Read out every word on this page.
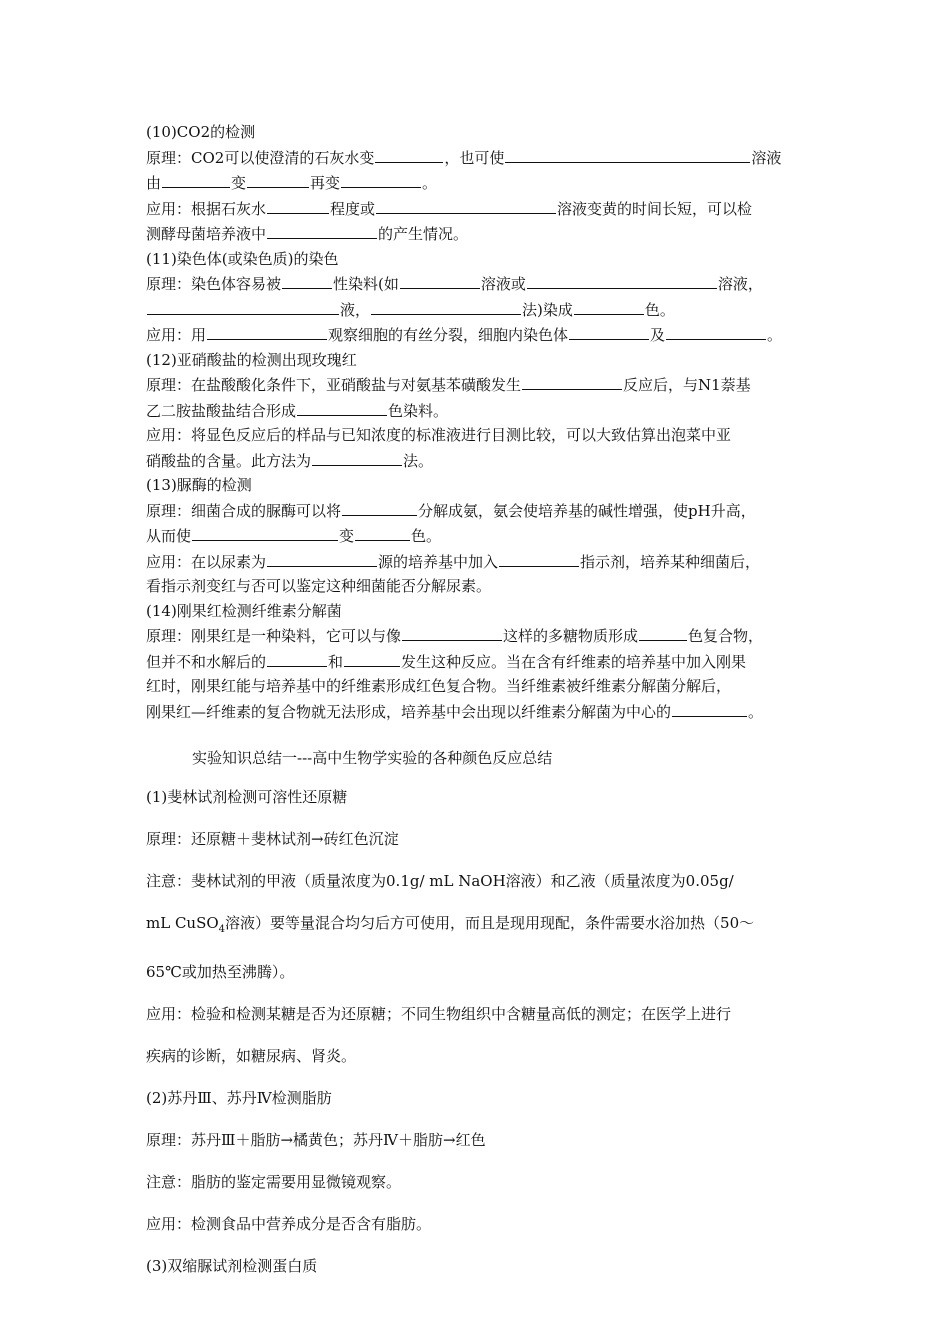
(10)CO2的检测
原理：CO2可以使澄清的石灰水变	，也可使	溶液
由	变	再变	。
应用：根据石灰水	程度或	溶液变黄的时间长短，可以检
测酵母菌培养液中	的产生情况。
(11)染色体(或染色质)的染色
原理：染色体容易被	性染料(如	溶液或	溶液，
液，	法)染成	色。
应用：用	观察细胞的有丝分裂，细胞内染色体	及	。
(12)亚硝酸盐的检测出现玫瑰红
原理：在盐酸酸化条件下，亚硝酸盐与对氨基苯磺酸发生	反应后，与N1萘基
乙二胺盐酸盐结合形成	色染料。
应用：将显色反应后的样品与已知浓度的标准液进行目测比较，可以大致估算出泡菜中亚
硝酸盐的含量。此方法为	法。
(13)脲酶的检测
原理：细菌合成的脲酶可以将	分解成氨，氨会使培养基的碱性增强，使pH升高，
从而使	变	色。
应用：在以尿素为	源的培养基中加入	指示剂，培养某种细菌后，
看指示剂变红与否可以鉴定这种细菌能否分解尿素。
(14)刚果红检测纤维素分解菌
原理：刚果红是一种染料，它可以与像	这样的多糖物质形成	色复合物，
但并不和水解后的	和	发生这种反应。当在含有纤维素的培养基中加入刚果
红时，刚果红能与培养基中的纤维素形成红色复合物。当纤维素被纤维素分解菌分解后，
刚果红—纤维素的复合物就无法形成，培养基中会出现以纤维素分解菌为中心的	。
实验知识总结一---高中生物学实验的各种颜色反应总结
(1)斐林试剂检测可溶性还原糖
原理：还原糖＋斐林试剂→砖红色沉淀
注意：斐林试剂的甲液（质量浓度为0.1g/ mL NaOH溶液）和乙液（质量浓度为0.05g/
mL CuSO$_4$溶液）要等量混合均匀后方可使用，而且是现用现配，条件需要水浴加热（50～
65℃或加热至沸腾）。
应用：检验和检测某糖是否为还原糖；不同生物组织中含糖量高低的测定；在医学上进行
疾病的诊断，如糖尿病、肾炎。
(2)苏丹Ⅲ、苏丹Ⅳ检测脂肪
原理：苏丹Ⅲ＋脂肪→橘黄色；苏丹Ⅳ＋脂肪→红色
注意：脂肪的鉴定需要用显微镜观察。
应用：检测食品中营养成分是否含有脂肪。
(3)双缩脲试剂检测蛋白质
